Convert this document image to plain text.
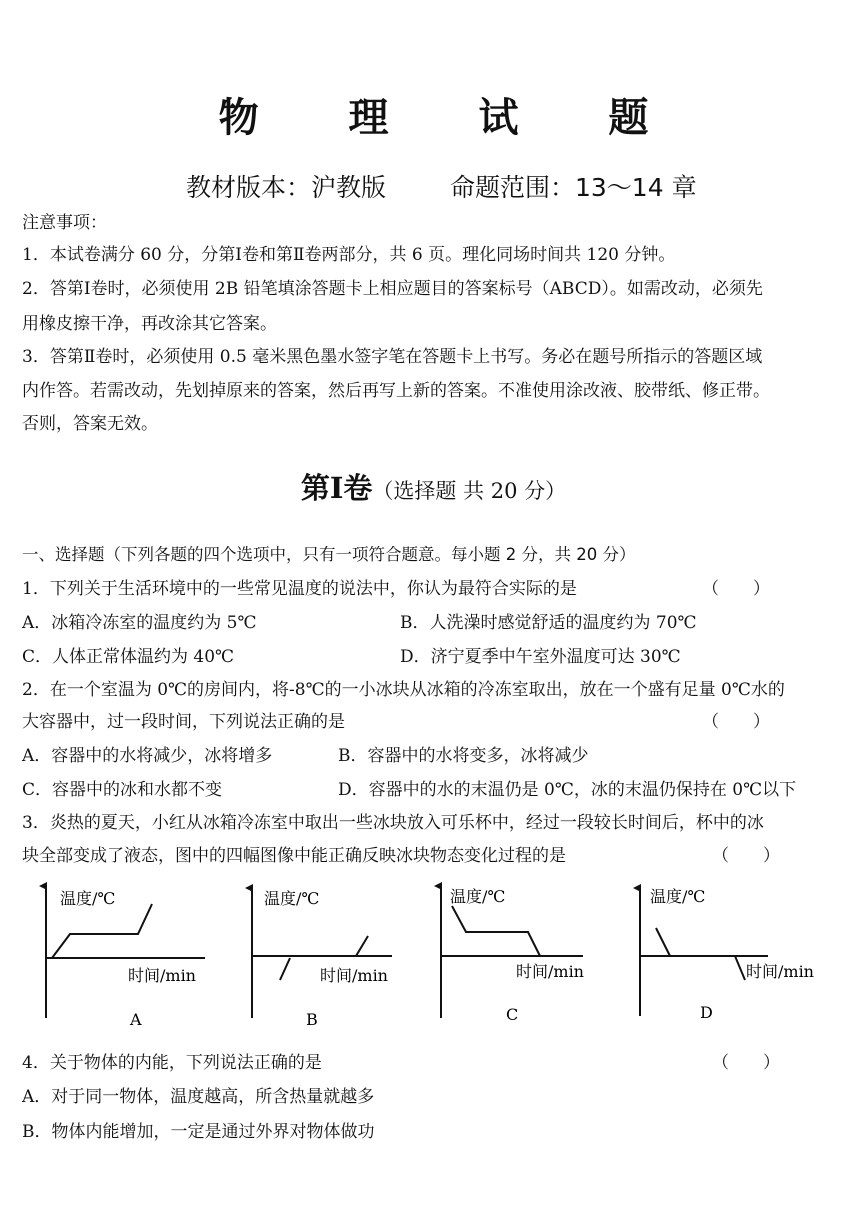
物 理 试 题
教材版本：沪教版	命题范围：13～14 章
注意事项：
1．本试卷满分 60 分，分第Ⅰ卷和第Ⅱ卷两部分，共 6 页。理化同场时间共 120 分钟。
2．答第Ⅰ卷时，必须使用 2B 铅笔填涂答题卡上相应题目的答案标号（ABCD）。如需改动，必须先
用橡皮擦干净，再改涂其它答案。
3．答第Ⅱ卷时，必须使用 0.5 毫米黑色墨水签字笔在答题卡上书写。务必在题号所指示的答题区域
内作答。若需改动，先划掉原来的答案，然后再写上新的答案。不准使用涂改液、胶带纸、修正带。
否则，答案无效。
第Ⅰ卷（选择题 共 20 分）
一、选择题（下列各题的四个选项中，只有一项符合题意。每小题 2 分，共 20 分）
1．下列关于生活环境中的一些常见温度的说法中，你认为最符合实际的是	（　　）
A．冰箱冷冻室的温度约为 5℃	B．人洗澡时感觉舒适的温度约为 70℃
C．人体正常体温约为 40℃	D．济宁夏季中午室外温度可达 30℃
2．在一个室温为 0℃的房间内，将-8℃的一小冰块从冰箱的冷冻室取出，放在一个盛有足量 0℃水的
大容器中，过一段时间，下列说法正确的是	（　　）
A．容器中的水将减少，冰将增多	B．容器中的水将变多，冰将减少
C．容器中的冰和水都不变	D．容器中的水的末温仍是 0℃，冰的末温仍保持在 0℃以下
3．炎热的夏天，小红从冰箱冷冻室中取出一些冰块放入可乐杯中，经过一段较长时间后，杯中的冰
块全部变成了液态，图中的四幅图像中能正确反映冰块物态变化过程的是	（　　）
温度/℃
时间/min
A
温度/℃
时间/min
B
温度/℃
时间/min
C
温度/℃
时间/min
D
4．关于物体的内能，下列说法正确的是	（　　）
A．对于同一物体，温度越高，所含热量就越多
B．物体内能增加，一定是通过外界对物体做功
